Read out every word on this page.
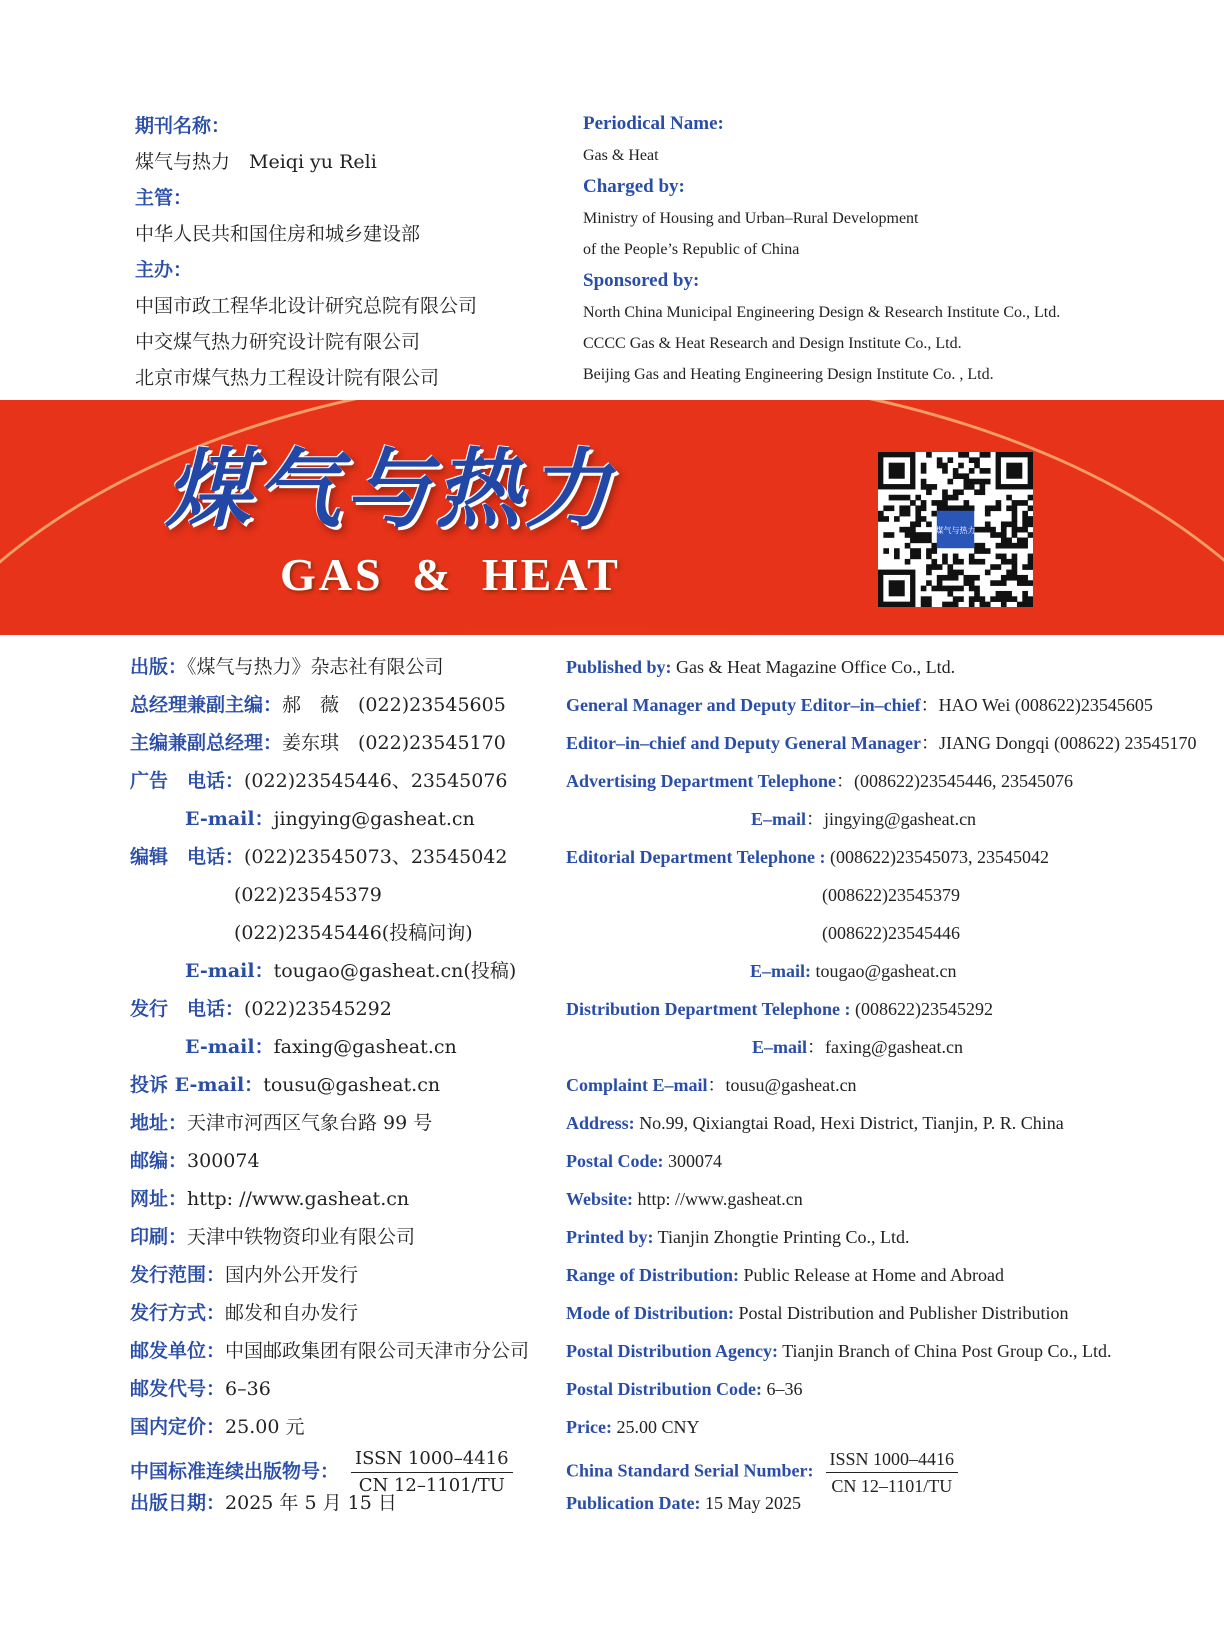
期刊名称：
煤气与热力　Meiqi yu Reli
主管：
中华人民共和国住房和城乡建设部
主办：
中国市政工程华北设计研究总院有限公司
中交煤气热力研究设计院有限公司
北京市煤气热力工程设计院有限公司
Periodical Name:
Gas & Heat
Charged by:
Ministry of Housing and Urban–Rural Development
of the People’s Republic of China
Sponsored by:
North China Municipal Engineering Design & Research Institute Co., Ltd.
CCCC Gas & Heat Research and Design Institute Co., Ltd.
Beijing Gas and Heating Engineering Design Institute Co. , Ltd.
煤气与热力
GAS & HEAT
煤气与热力
出版：《煤气与热力》杂志社有限公司
总经理兼副主编：郝　薇　(022)23545605
主编兼副总经理：姜东琪　(022)23545170
广告　电话：(022)23545446、23545076
E-mail：jingying@gasheat.cn
编辑　电话：(022)23545073、23545042
(022)23545379
(022)23545446(投稿问询)
E-mail：tougao@gasheat.cn(投稿)
发行　电话：(022)23545292
E-mail：faxing@gasheat.cn
投诉 E-mail：tousu@gasheat.cn
地址：天津市河西区气象台路 99 号
邮编：300074
网址：http: //www.gasheat.cn
印刷：天津中铁物资印业有限公司
发行范围：国内外公开发行
发行方式：邮发和自办发行
邮发单位：中国邮政集团有限公司天津市分公司
邮发代号：6–36
国内定价：25.00 元
中国标准连续出版物号：
ISSN 1000–4416
CN 12–1101/TU
出版日期：2025 年 5 月 15 日
Published by: Gas & Heat Magazine Office Co., Ltd.
General Manager and Deputy Editor–in–chief：HAO Wei (008622)23545605
Editor–in–chief and Deputy General Manager：JIANG Dongqi (008622) 23545170
Advertising Department Telephone：(008622)23545446, 23545076
E–mail：jingying@gasheat.cn
Editorial Department Telephone : (008622)23545073, 23545042
(008622)23545379
(008622)23545446
E–mail: tougao@gasheat.cn
Distribution Department Telephone : (008622)23545292
E–mail：faxing@gasheat.cn
Complaint E–mail：tousu@gasheat.cn
Address: No.99, Qixiangtai Road, Hexi District, Tianjin, P. R. China
Postal Code: 300074
Website: http: //www.gasheat.cn
Printed by: Tianjin Zhongtie Printing Co., Ltd.
Range of Distribution: Public Release at Home and Abroad
Mode of Distribution: Postal Distribution and Publisher Distribution
Postal Distribution Agency: Tianjin Branch of China Post Group Co., Ltd.
Postal Distribution Code: 6–36
Price: 25.00 CNY
China Standard Serial Number:
ISSN 1000–4416
CN 12–1101/TU
Publication Date: 15 May 2025
